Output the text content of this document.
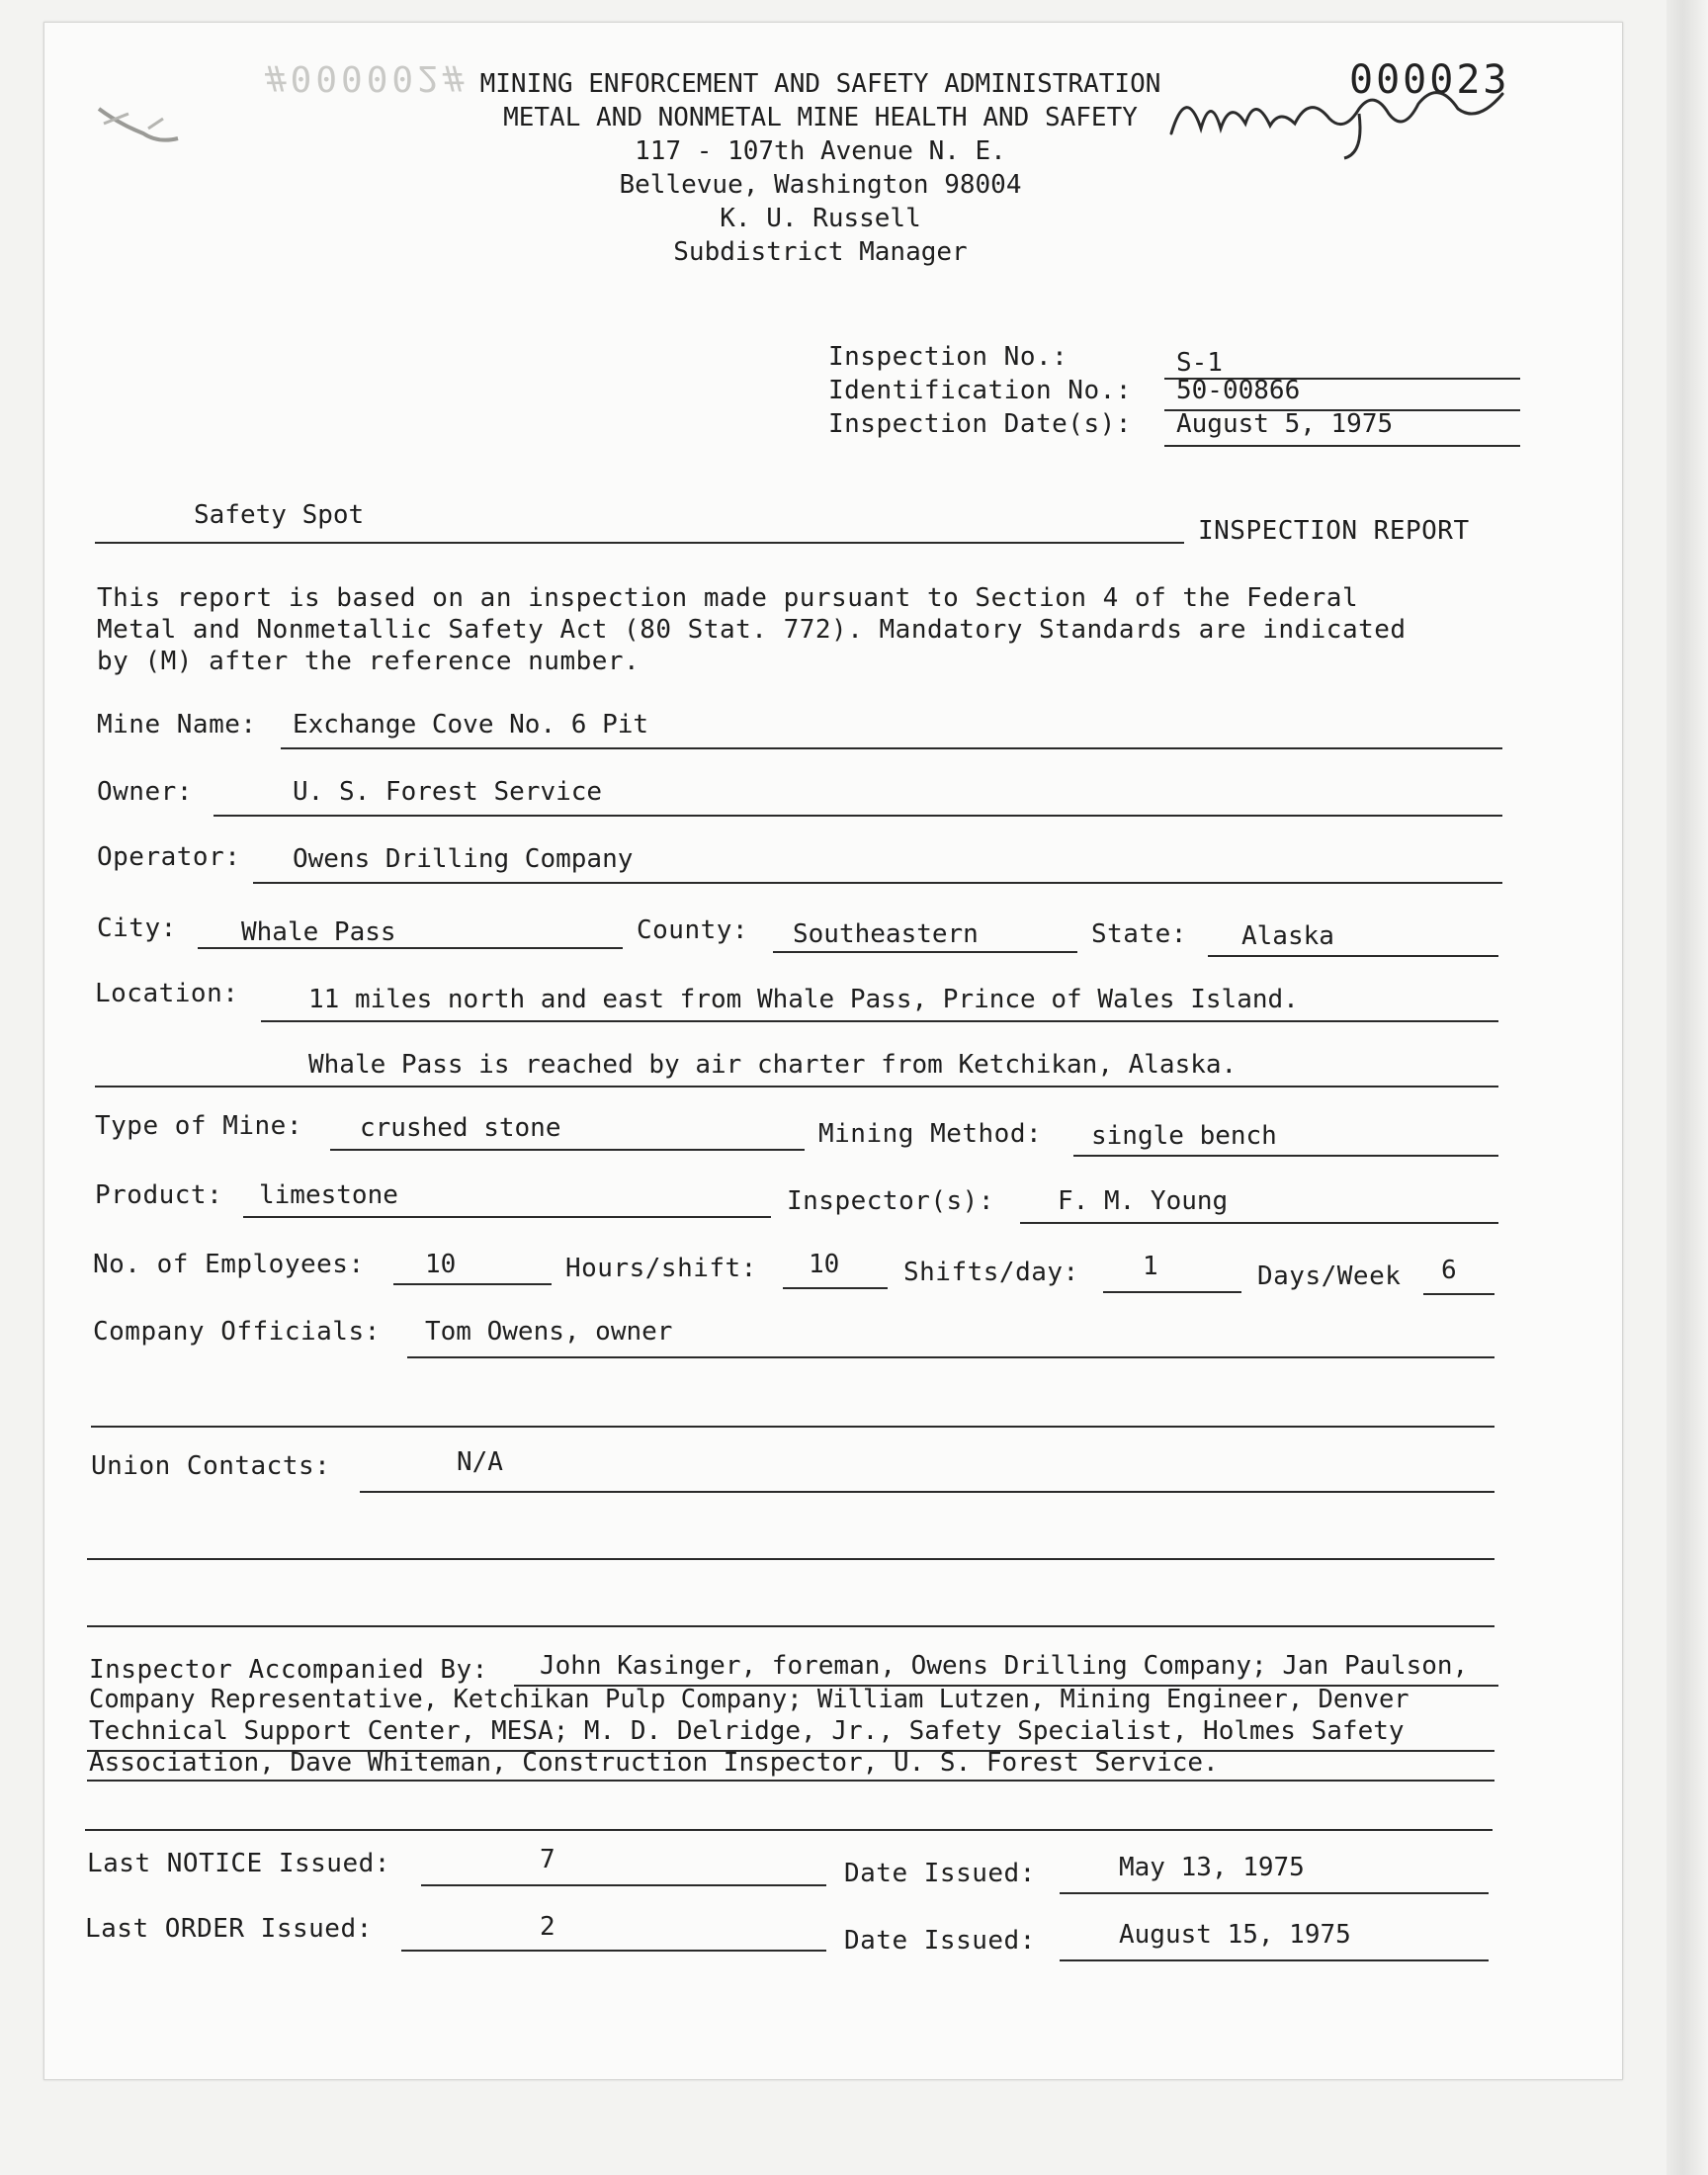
#000002# MINING ENFORCEMENT AND SAFETY ADMINISTRATION
METAL AND NONMETAL MINE HEALTH AND SAFETY
117 - 107th Avenue N. E.
Bellevue, Washington 98004
K. U. Russell
Subdistrict Manager
000023
Inspection No.:	S-1
Identification No.: 50-00866
Inspection Date(s): August 5, 1975
Safety Spot
INSPECTION REPORT
This report is based on an inspection made pursuant to Section 4 of the Federal
Metal and Nonmetallic Safety Act (80 Stat. 772). Mandatory Standards are indicated
by (M) after the reference number.
Mine Name: Exchange Cove No. 6 Pit
Owner:	U. S. Forest Service
Operator: Owens Drilling Company
City:	Whale Pass	County: Southeastern	State: Alaska
Location:	11 miles north and east from Whale Pass, Prince of Wales Island.
Whale Pass is reached by air charter from Ketchikan, Alaska.
Type of Mine: crushed stone	Mining Method: single bench
Product: limestone	Inspector(s): F. M. Young
No. of Employees: 10	Hours/shift: 10 Shifts/day: 1	Days/Week 6
Company Officials: Tom Owens, owner
Union Contacts:	N/A
Inspector Accompanied By: John Kasinger, foreman, Owens Drilling Company; Jan Paulson,
Company Representative, Ketchikan Pulp Company; William Lutzen, Mining Engineer, Denver
Technical Support Center, MESA; M. D. Delridge, Jr., Safety Specialist, Holmes Safety
Association, Dave Whiteman, Construction Inspector, U. S. Forest Service.
Last NOTICE Issued:	7	Date Issued:	May 13, 1975
Last ORDER Issued:	2	Date Issued:	August 15, 1975
